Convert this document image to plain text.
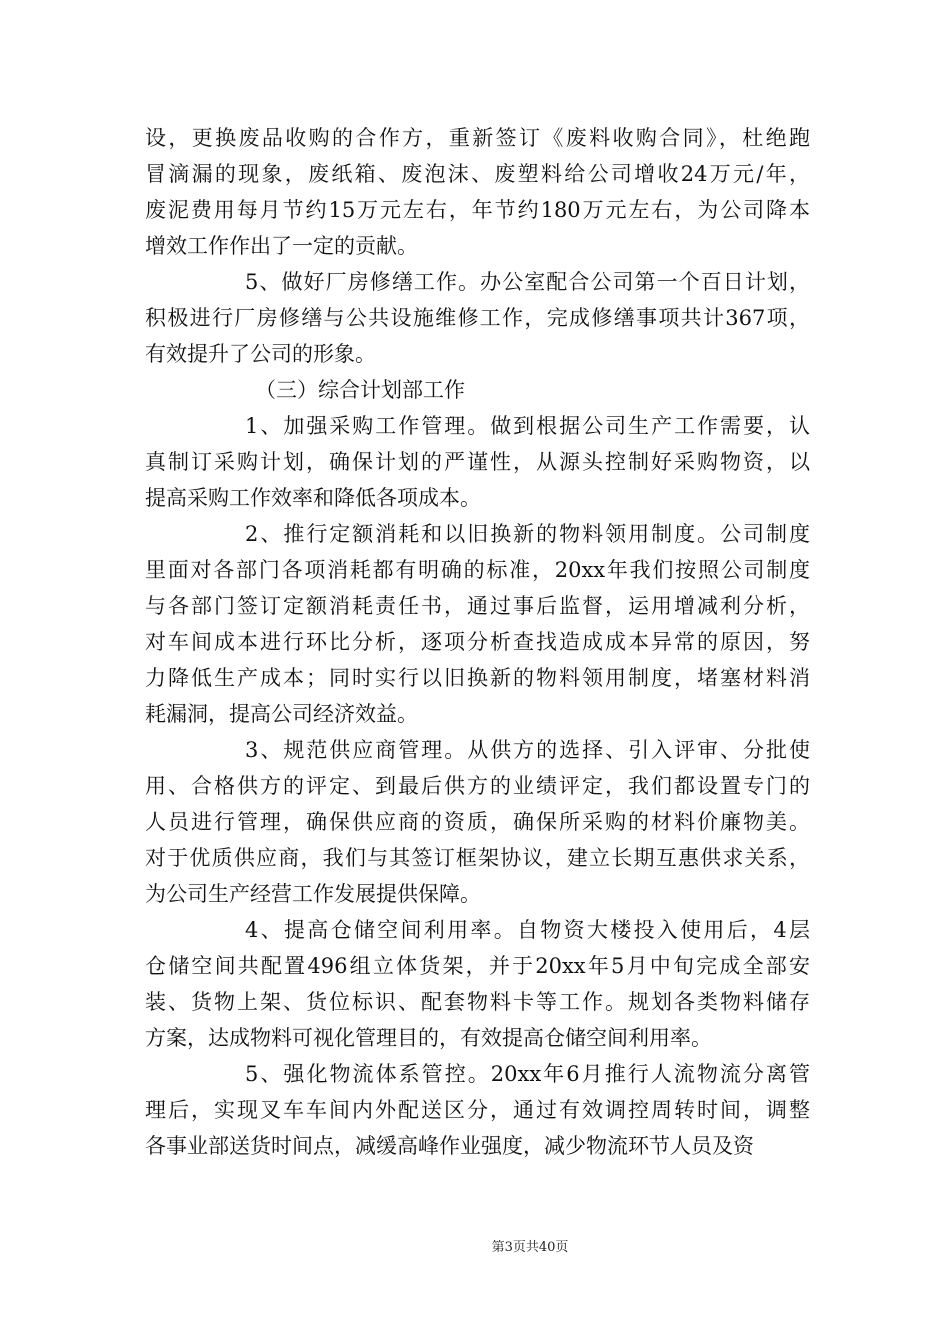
设，更换废品收购的合作方，重新签订《废料收购合同》，杜绝跑
冒滴漏的现象，废纸箱、废泡沫、废塑料给公司增收24万元/年，
废泥费用每月节约15万元左右，年节约180万元左右，为公司降本
增效工作作出了一定的贡献。
5、做好厂房修缮工作。办公室配合公司第一个百日计划，
积极进行厂房修缮与公共设施维修工作，完成修缮事项共计367项，
有效提升了公司的形象。
（三）综合计划部工作
1、加强采购工作管理。做到根据公司生产工作需要，认
真制订采购计划，确保计划的严谨性，从源头控制好采购物资，以
提高采购工作效率和降低各项成本。
2、推行定额消耗和以旧换新的物料领用制度。公司制度
里面对各部门各项消耗都有明确的标准，20xx年我们按照公司制度
与各部门签订定额消耗责任书，通过事后监督，运用增减利分析，
对车间成本进行环比分析，逐项分析查找造成成本异常的原因，努
力降低生产成本；同时实行以旧换新的物料领用制度，堵塞材料消
耗漏洞，提高公司经济效益。
3、规范供应商管理。从供方的选择、引入评审、分批使
用、合格供方的评定、到最后供方的业绩评定，我们都设置专门的
人员进行管理，确保供应商的资质，确保所采购的材料价廉物美。
对于优质供应商，我们与其签订框架协议，建立长期互惠供求关系，
为公司生产经营工作发展提供保障。
4、提高仓储空间利用率。自物资大楼投入使用后，4层
仓储空间共配置496组立体货架，并于20xx年5月中旬完成全部安
装、货物上架、货位标识、配套物料卡等工作。规划各类物料储存
方案，达成物料可视化管理目的，有效提高仓储空间利用率。
5、强化物流体系管控。20xx年6月推行人流物流分离管
理后，实现叉车车间内外配送区分，通过有效调控周转时间，调整
各事业部送货时间点，减缓高峰作业强度，减少物流环节人员及资
第3页共40页
